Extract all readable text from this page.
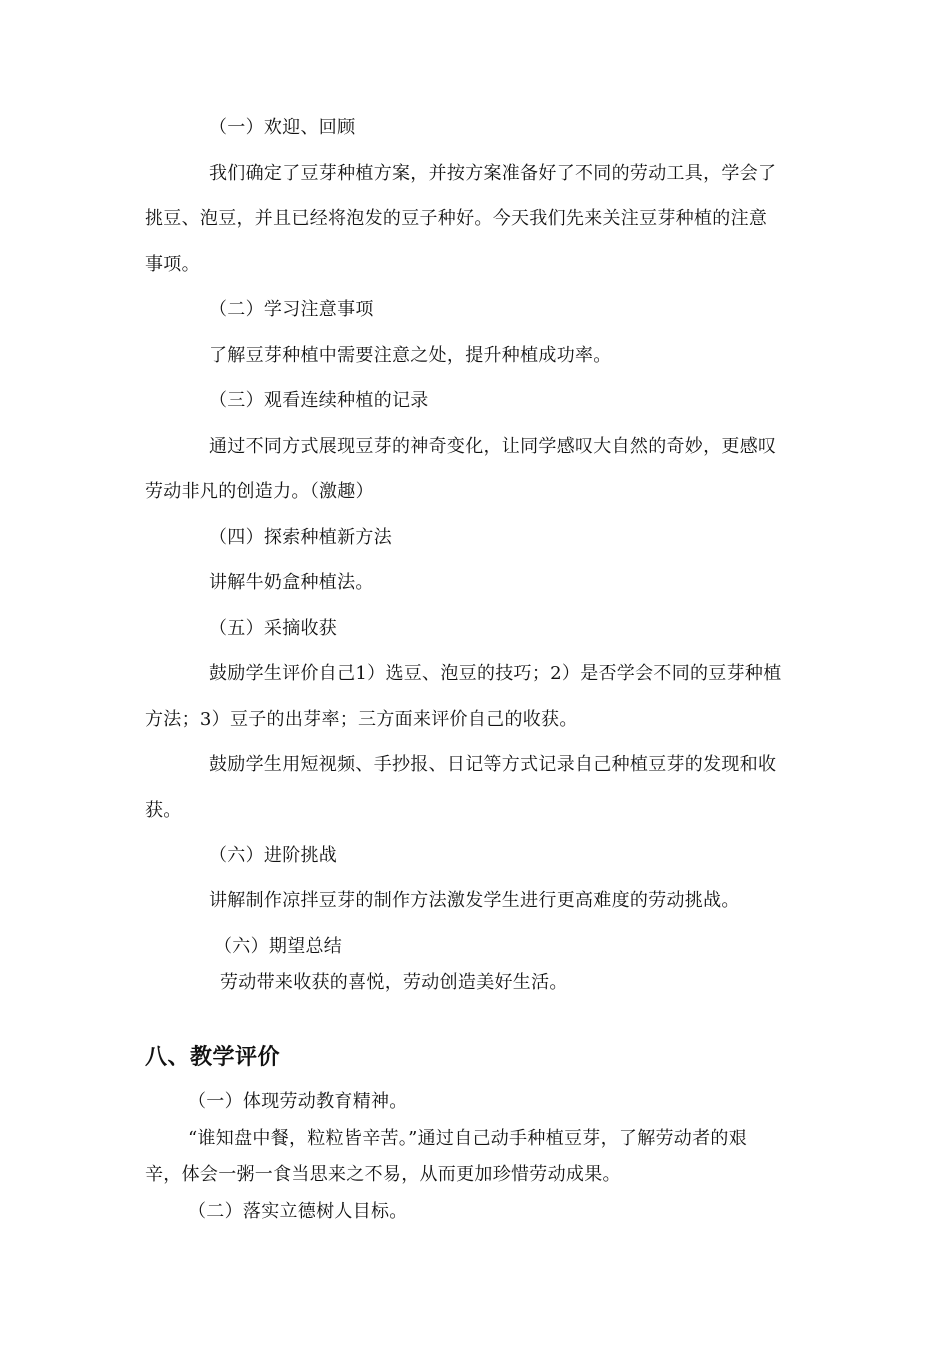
（一）欢迎、回顾
我们确定了豆芽种植方案，并按方案准备好了不同的劳动工具，学会了
挑豆、泡豆，并且已经将泡发的豆子种好。今天我们先来关注豆芽种植的注意
事项。
（二）学习注意事项
了解豆芽种植中需要注意之处，提升种植成功率。
（三）观看连续种植的记录
通过不同方式展现豆芽的神奇变化，让同学感叹大自然的奇妙，更感叹
劳动非凡的创造力。（激趣）
（四）探索种植新方法
讲解牛奶盒种植法。
（五）采摘收获
鼓励学生评价自己1）选豆、泡豆的技巧；2）是否学会不同的豆芽种植
方法；3）豆子的出芽率；三方面来评价自己的收获。
鼓励学生用短视频、手抄报、日记等方式记录自己种植豆芽的发现和收
获。
（六）进阶挑战
讲解制作凉拌豆芽的制作方法激发学生进行更高难度的劳动挑战。
（六）期望总结
劳动带来收获的喜悦，劳动创造美好生活。
八、教学评价
（一）体现劳动教育精神。
“谁知盘中餐，粒粒皆辛苦。”通过自己动手种植豆芽，了解劳动者的艰
辛，体会一粥一食当思来之不易，从而更加珍惜劳动成果。
（二）落实立德树人目标。
